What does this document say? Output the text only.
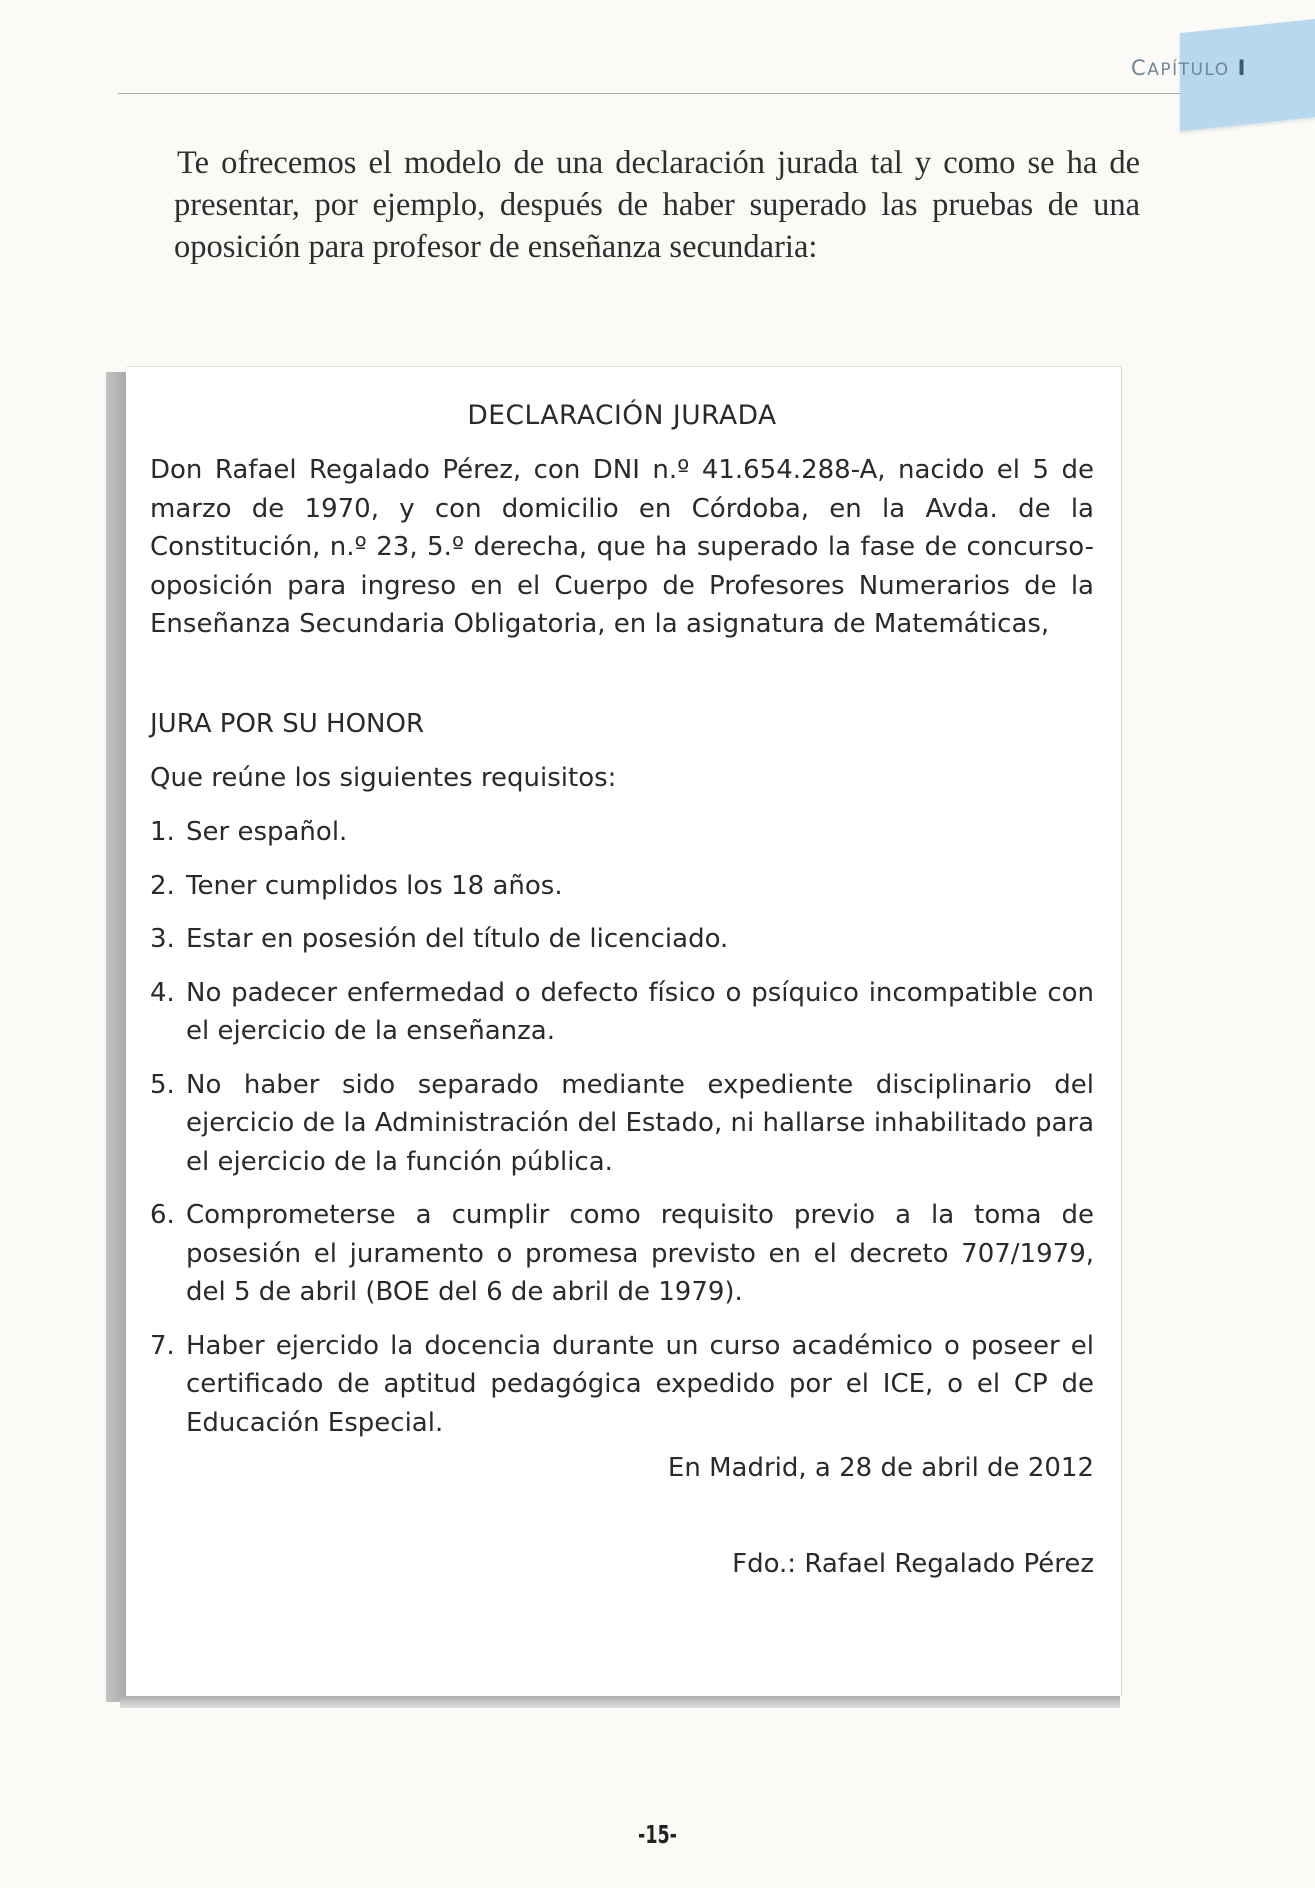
CAPÍTULO I

Te ofrecemos el modelo de una declaración jurada tal y como se ha de presentar, por ejemplo, después de haber superado las pruebas de una oposición para profesor de enseñanza secundaria:

DECLARACIÓN JURADA

Don Rafael Regalado Pérez, con DNI n.º 41.654.288-A, nacido el 5 de marzo de 1970, y con domicilio en Córdoba, en la Avda. de la Constitución, n.º 23, 5.º derecha, que ha superado la fase de concurso-oposición para ingreso en el Cuerpo de Profesores Numerarios de la Enseñanza Secundaria Obligatoria, en la asignatura de Matemáticas,

JURA POR SU HONOR
Que reúne los siguientes requisitos:
1. Ser español.
2. Tener cumplidos los 18 años.
3. Estar en posesión del título de licenciado.
4. No padecer enfermedad o defecto físico o psíquico incompatible con el ejercicio de la enseñanza.
5. No haber sido separado mediante expediente disciplinario del ejercicio de la Administración del Estado, ni hallarse inhabilitado para el ejercicio de la función pública.
6. Comprometerse a cumplir como requisito previo a la toma de posesión el juramento o promesa previsto en el decreto 707/1979, del 5 de abril (BOE del 6 de abril de 1979).
7. Haber ejercido la docencia durante un curso académico o poseer el certificado de aptitud pedagógica expedido por el ICE, o el CP de Educación Especial.
En Madrid, a 28 de abril de 2012
Fdo.: Rafael Regalado Pérez
-15-
